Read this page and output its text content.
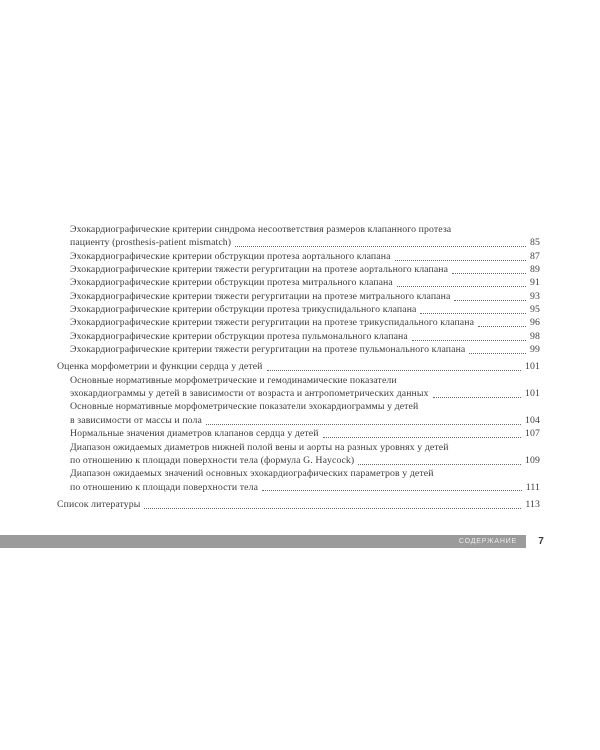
Эхокардиографические критерии синдрома несоответствия размеров клапанного протеза
пациенту (prosthesis-patient mismatch)	85
Эхокардиографические критерии обструкции протеза аортального клапана	87
Эхокардиографические критерии тяжести регургитации на протезе аортального клапана	89
Эхокардиографические критерии обструкции протеза митрального клапана	91
Эхокардиографические критерии тяжести регургитации на протезе митрального клапана	93
Эхокардиографические критерии обструкции протеза трикуспидального клапана	95
Эхокардиографические критерии тяжести регургитации на протезе трикуспидального клапана	96
Эхокардиографические критерии обструкции протеза пульмонального клапана	98
Эхокардиографические критерии тяжести регургитации на протезе пульмонального клапана	99
Оценка морфометрии и функции сердца у детей	101
Основные нормативные морфометрические и гемодинамические показатели
эхокардиограммы у детей в зависимости от возраста и антропометрических данных	101
Основные нормативные морфометрические показатели эхокардиограммы у детей
в зависимости от массы и пола	104
Нормальные значения диаметров клапанов сердца у детей	107
Диапазон ожидаемых диаметров нижней полой вены и аорты на разных уровнях у детей
по отношению к площади поверхности тела (формула G. Haycock)	109
Диапазон ожидаемых значений основных эхокардиографических параметров у детей
по отношению к площади поверхности тела	111
Список литературы	113
СОДЕРЖАНИЕ	7
